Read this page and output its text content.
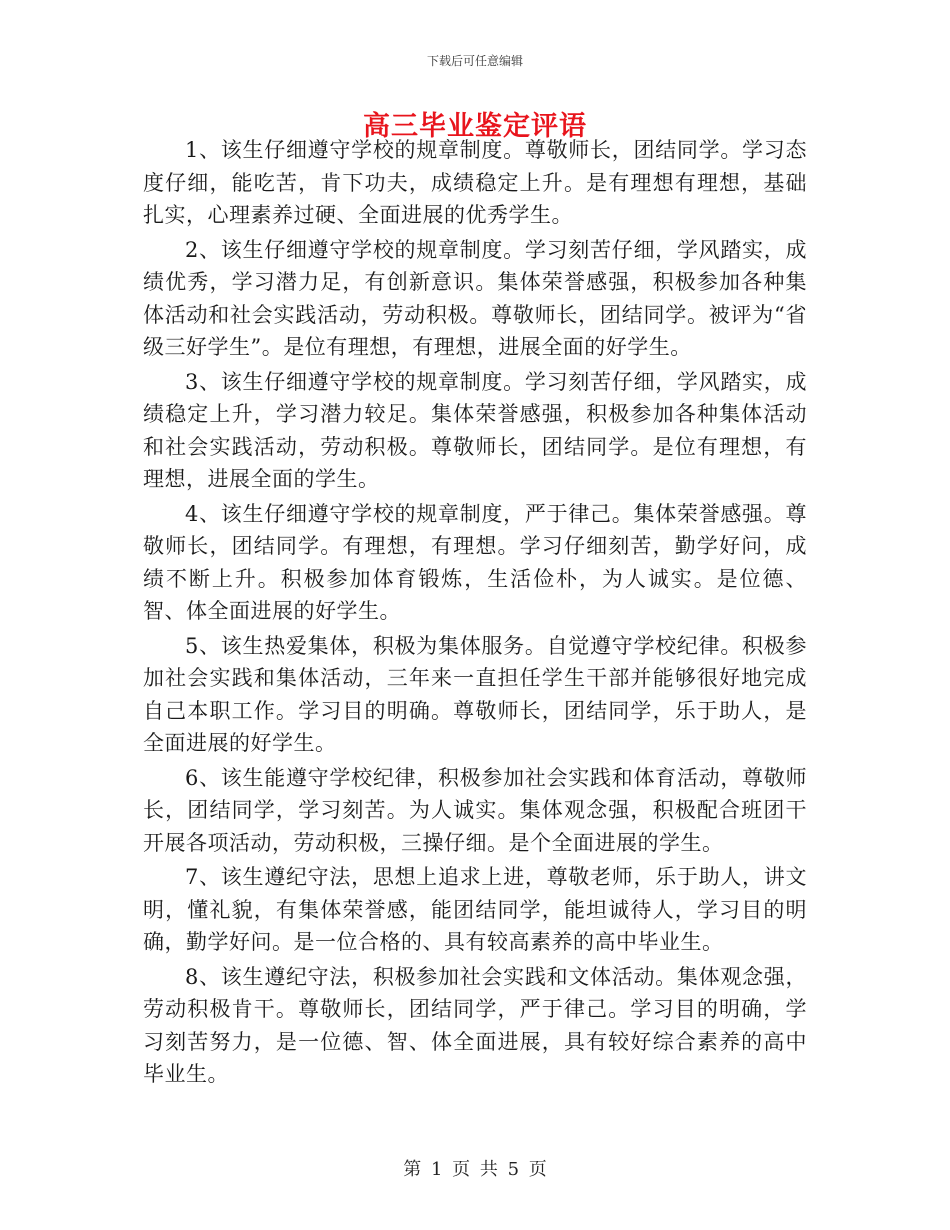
下载后可任意编辑
高三毕业鉴定评语

1、该生仔细遵守学校的规章制度。尊敬师长，团结同学。学习态度仔细，能吃苦，肯下功夫，成绩稳定上升。是有理想有理想，基础扎实，心理素养过硬、全面进展的优秀学生。

2、该生仔细遵守学校的规章制度。学习刻苦仔细，学风踏实，成绩优秀，学习潜力足，有创新意识。集体荣誉感强，积极参加各种集体活动和社会实践活动，劳动积极。尊敬师长，团结同学。被评为“省级三好学生”。是位有理想，有理想，进展全面的好学生。

3、该生仔细遵守学校的规章制度。学习刻苦仔细，学风踏实，成绩稳定上升，学习潜力较足。集体荣誉感强，积极参加各种集体活动和社会实践活动，劳动积极。尊敬师长，团结同学。是位有理想，有理想，进展全面的学生。

4、该生仔细遵守学校的规章制度，严于律己。集体荣誉感强。尊敬师长，团结同学。有理想，有理想。学习仔细刻苦，勤学好问，成绩不断上升。积极参加体育锻炼，生活俭朴，为人诚实。是位德、智、体全面进展的好学生。

5、该生热爱集体，积极为集体服务。自觉遵守学校纪律。积极参加社会实践和集体活动，三年来一直担任学生干部并能够很好地完成自己本职工作。学习目的明确。尊敬师长，团结同学，乐于助人，是全面进展的好学生。

6、该生能遵守学校纪律，积极参加社会实践和体育活动，尊敬师长，团结同学，学习刻苦。为人诚实。集体观念强，积极配合班团干开展各项活动，劳动积极，三操仔细。是个全面进展的学生。

7、该生遵纪守法，思想上追求上进，尊敬老师，乐于助人，讲文明，懂礼貌，有集体荣誉感，能团结同学，能坦诚待人，学习目的明确，勤学好问。是一位合格的、具有较高素养的高中毕业生。

8、该生遵纪守法，积极参加社会实践和文体活动。集体观念强，劳动积极肯干。尊敬师长，团结同学，严于律己。学习目的明确，学习刻苦努力，是一位德、智、体全面进展，具有较好综合素养的高中毕业生。

第 1 页 共 5 页
